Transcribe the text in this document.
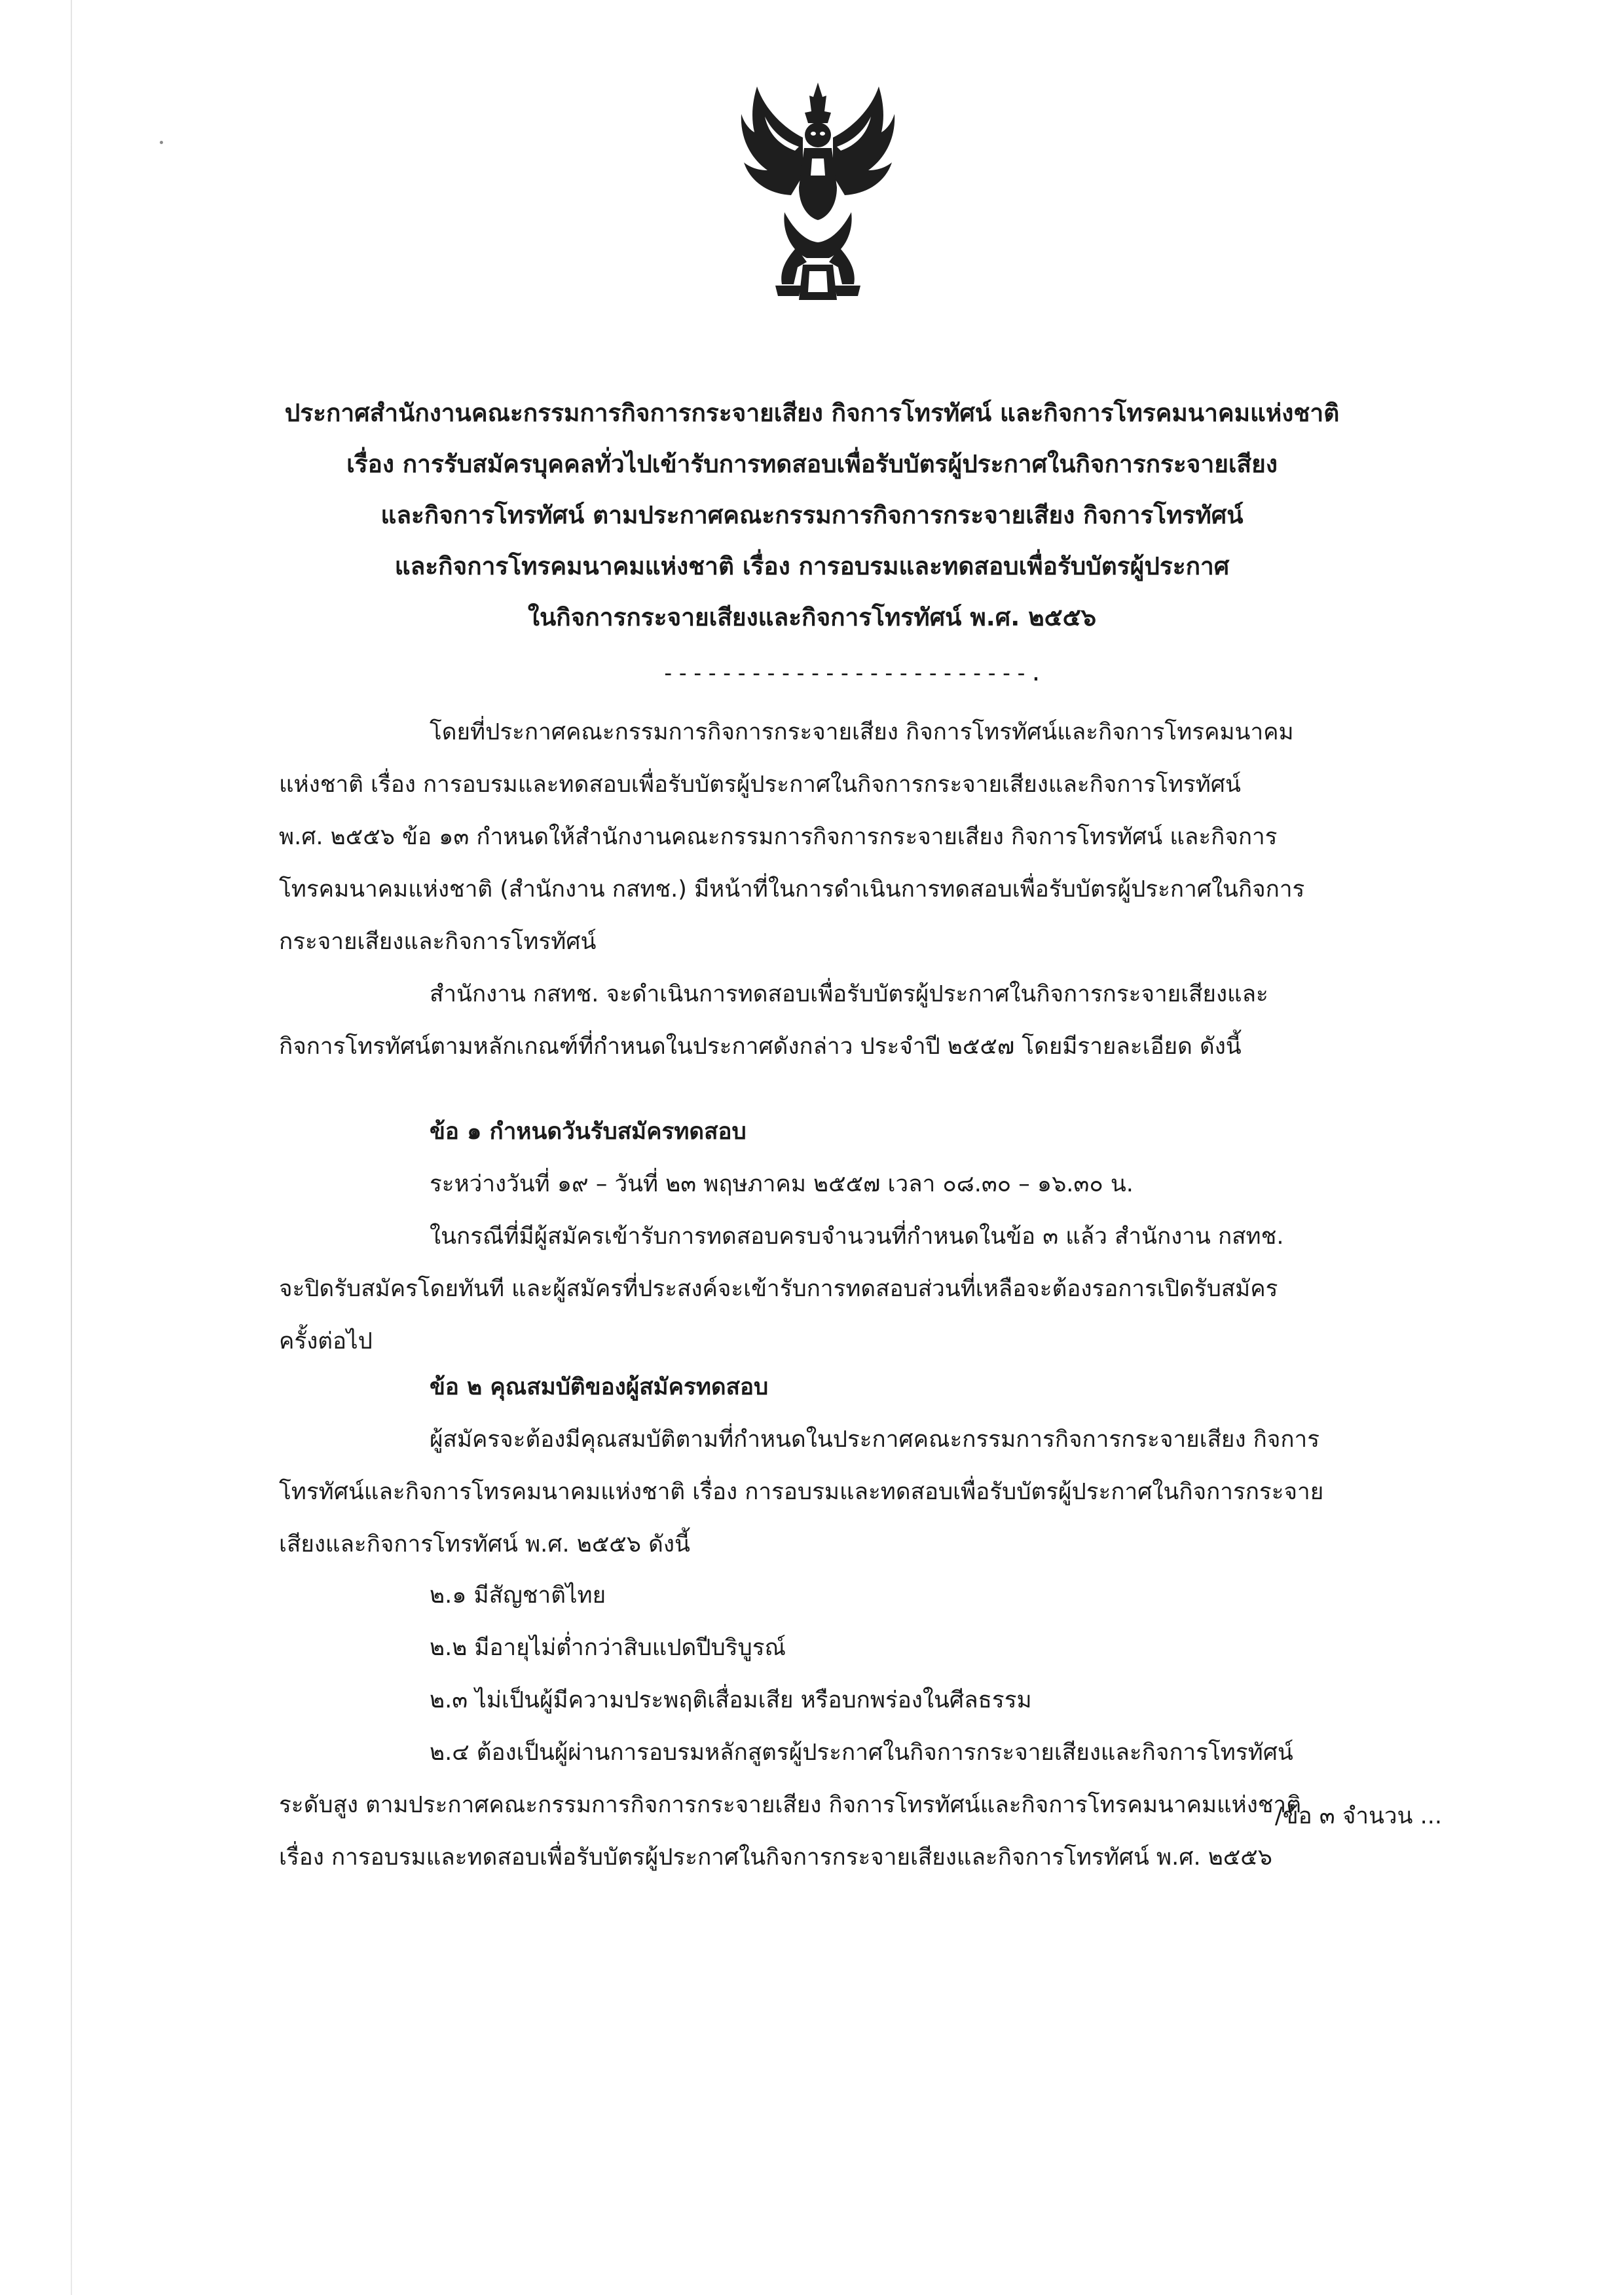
ประกาศสำนักงานคณะกรรมการกิจการกระจายเสียง กิจการโทรทัศน์ และกิจการโทรคมนาคมแห่งชาติ
เรื่อง การรับสมัครบุคคลทั่วไปเข้ารับการทดสอบเพื่อรับบัตรผู้ประกาศในกิจการกระจายเสียง
และกิจการโทรทัศน์ ตามประกาศคณะกรรมการกิจการกระจายเสียง กิจการโทรทัศน์
และกิจการโทรคมนาคมแห่งชาติ เรื่อง การอบรมและทดสอบเพื่อรับบัตรผู้ประกาศ
ในกิจการกระจายเสียงและกิจการโทรทัศน์ พ.ศ. ๒๕๕๖
-------------------------.
โดยที่ประกาศคณะกรรมการกิจการกระจายเสียง กิจการโทรทัศน์และกิจการโทรคมนาคม
แห่งชาติ เรื่อง การอบรมและทดสอบเพื่อรับบัตรผู้ประกาศในกิจการกระจายเสียงและกิจการโทรทัศน์
พ.ศ. ๒๕๕๖ ข้อ ๑๓ กำหนดให้สำนักงานคณะกรรมการกิจการกระจายเสียง กิจการโทรทัศน์ และกิจการ
โทรคมนาคมแห่งชาติ (สำนักงาน กสทช.) มีหน้าที่ในการดำเนินการทดสอบเพื่อรับบัตรผู้ประกาศในกิจการ
กระจายเสียงและกิจการโทรทัศน์
สำนักงาน กสทช. จะดำเนินการทดสอบเพื่อรับบัตรผู้ประกาศในกิจการกระจายเสียงและ
กิจการโทรทัศน์ตามหลักเกณฑ์ที่กำหนดในประกาศดังกล่าว ประจำปี ๒๕๕๗ โดยมีรายละเอียด ดังนี้
ข้อ ๑ กำหนดวันรับสมัครทดสอบ
ระหว่างวันที่ ๑๙ – วันที่ ๒๓ พฤษภาคม ๒๕๕๗ เวลา ๐๘.๓๐ – ๑๖.๓๐ น.
ในกรณีที่มีผู้สมัครเข้ารับการทดสอบครบจำนวนที่กำหนดในข้อ ๓ แล้ว สำนักงาน กสทช.
จะปิดรับสมัครโดยทันที และผู้สมัครที่ประสงค์จะเข้ารับการทดสอบส่วนที่เหลือจะต้องรอการเปิดรับสมัคร
ครั้งต่อไป
ข้อ ๒ คุณสมบัติของผู้สมัครทดสอบ
ผู้สมัครจะต้องมีคุณสมบัติตามที่กำหนดในประกาศคณะกรรมการกิจการกระจายเสียง กิจการ
โทรทัศน์และกิจการโทรคมนาคมแห่งชาติ เรื่อง การอบรมและทดสอบเพื่อรับบัตรผู้ประกาศในกิจการกระจาย
เสียงและกิจการโทรทัศน์ พ.ศ. ๒๕๕๖ ดังนี้
๒.๑ มีสัญชาติไทย
๒.๒ มีอายุไม่ต่ำกว่าสิบแปดปีบริบูรณ์
๒.๓ ไม่เป็นผู้มีความประพฤติเสื่อมเสีย หรือบกพร่องในศีลธรรม
๒.๔ ต้องเป็นผู้ผ่านการอบรมหลักสูตรผู้ประกาศในกิจการกระจายเสียงและกิจการโทรทัศน์
ระดับสูง ตามประกาศคณะกรรมการกิจการกระจายเสียง กิจการโทรทัศน์และกิจการโทรคมนาคมแห่งชาติ
เรื่อง การอบรมและทดสอบเพื่อรับบัตรผู้ประกาศในกิจการกระจายเสียงและกิจการโทรทัศน์ พ.ศ. ๒๕๕๖
/ข้อ ๓ จำนวน ...
